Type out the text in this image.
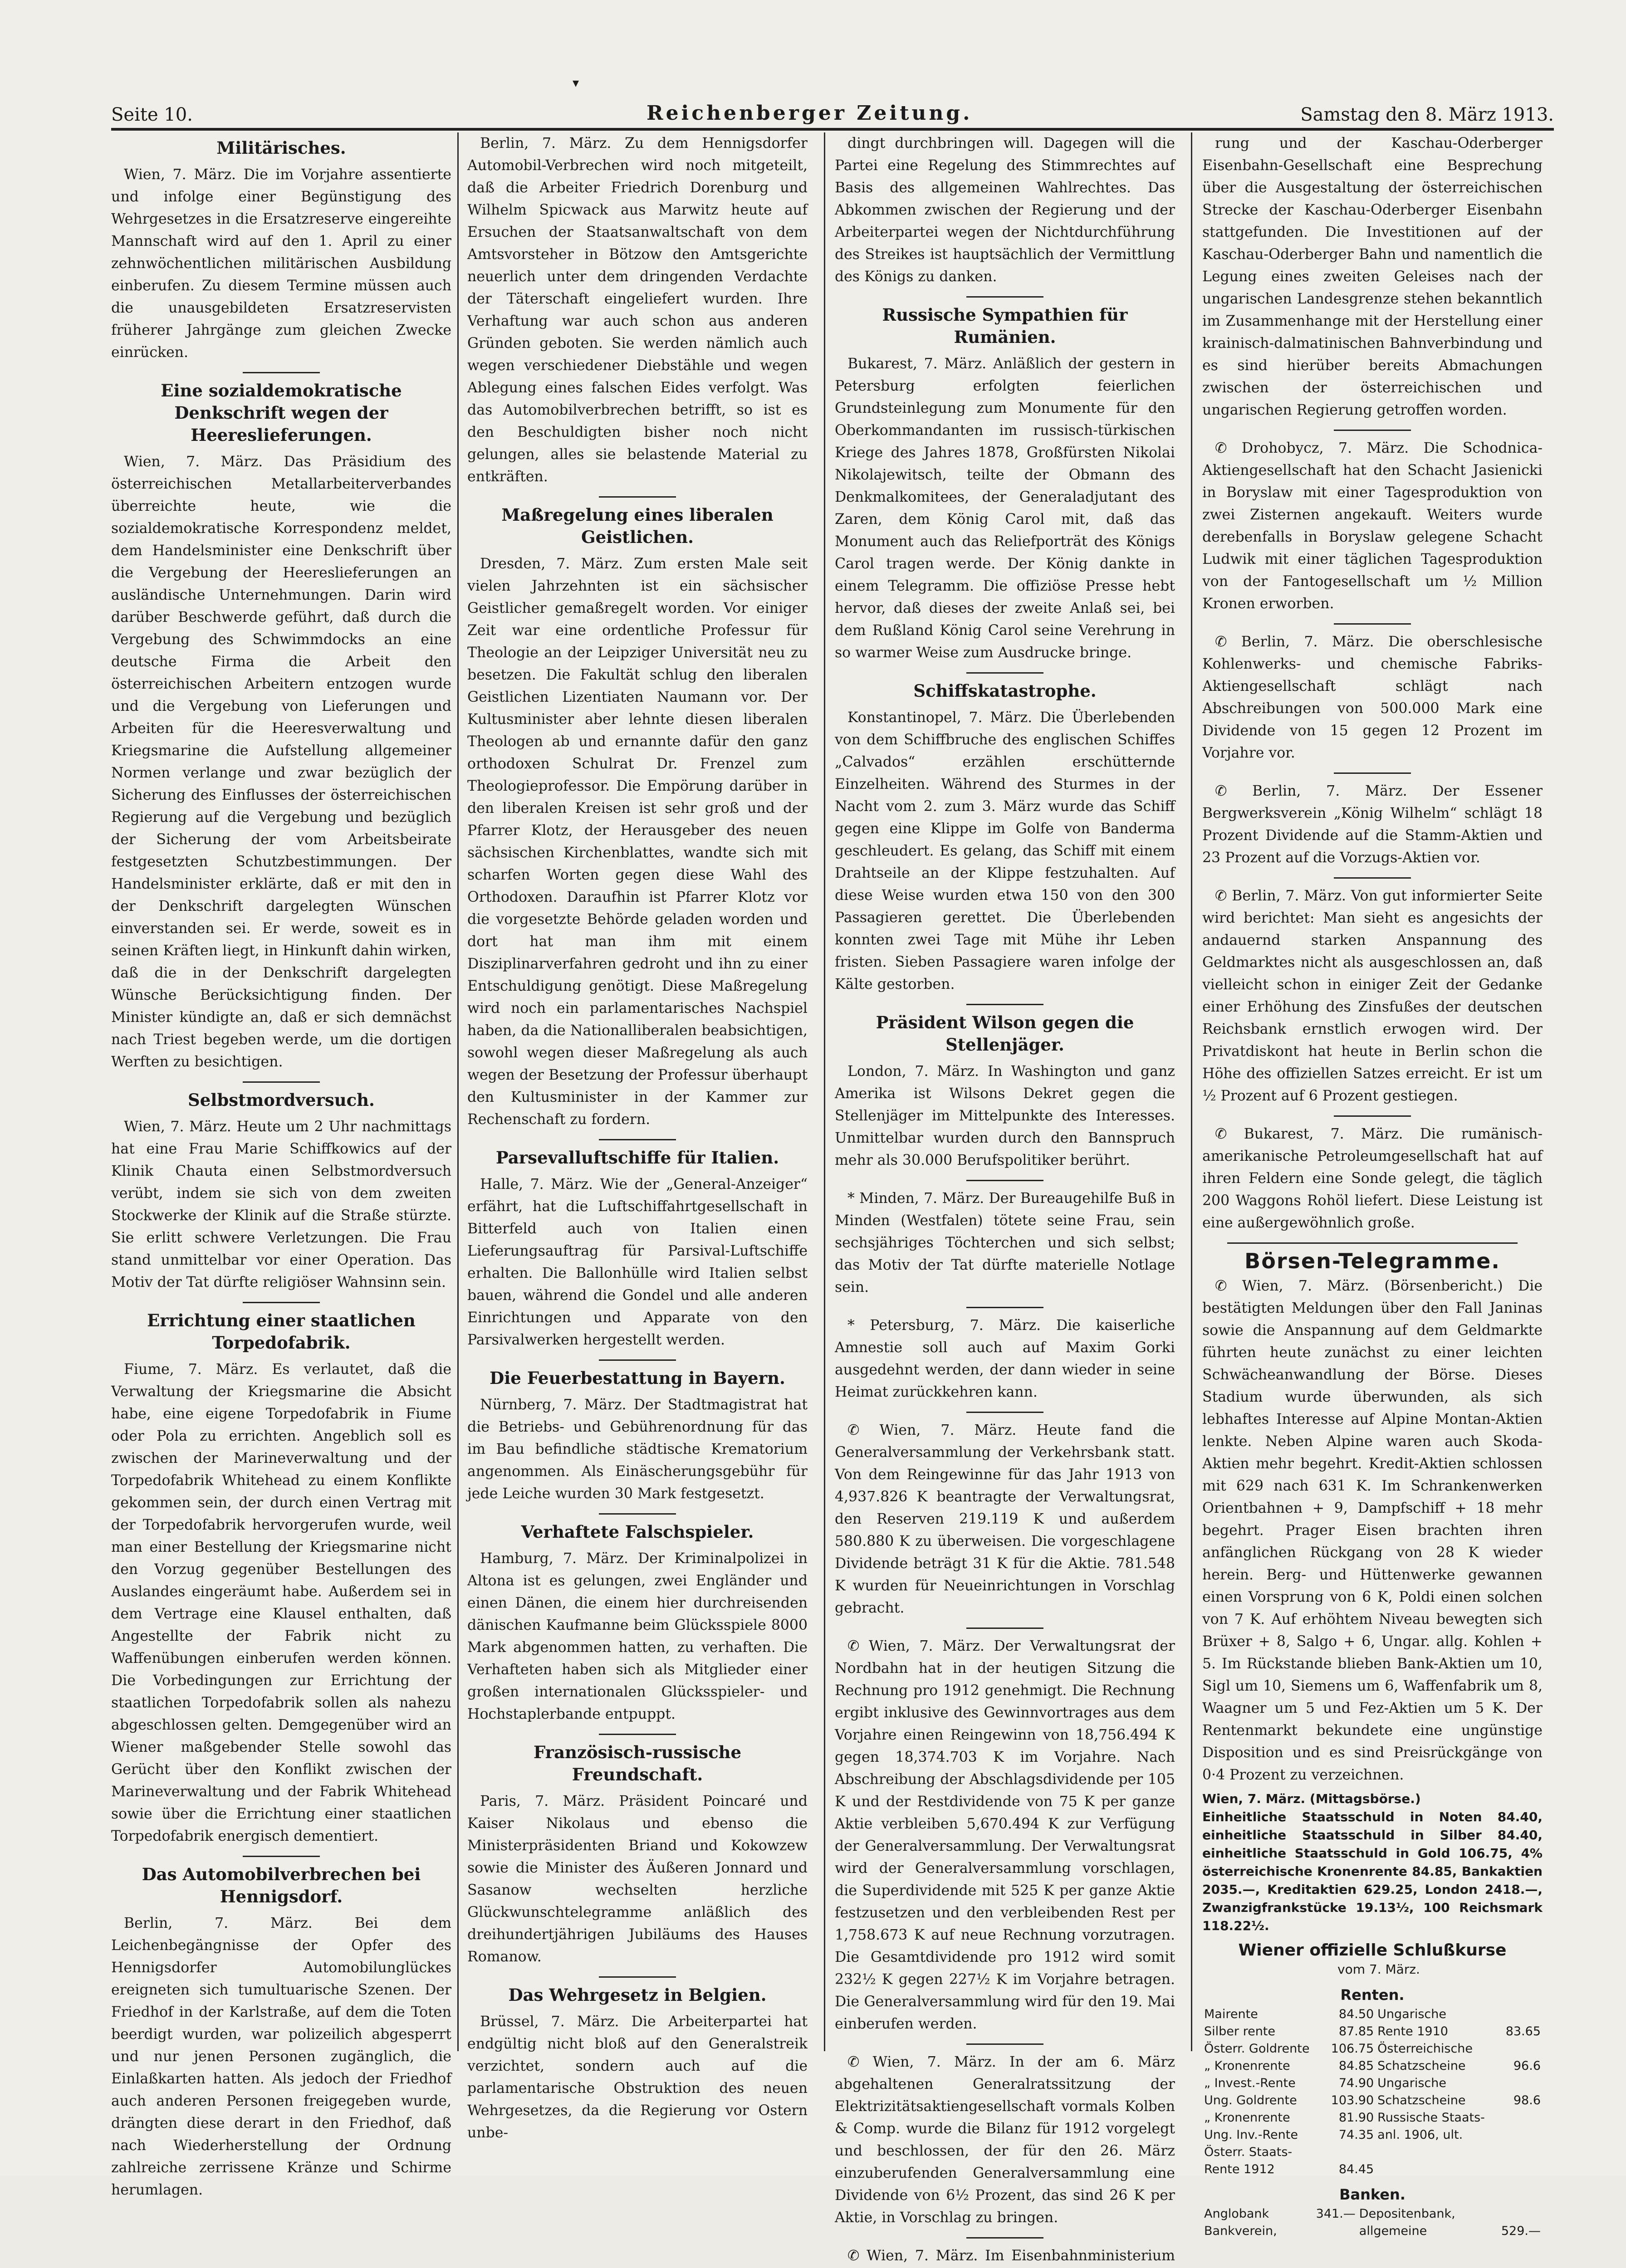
▾
Seite 10.	Reichenberger Zeitung.	Samstag den 8. März 1913.
Militärisches.

Wien, 7. März. Die im Vorjahre assentierte und infolge einer Begünstigung des Wehrgesetzes in die Ersatzreserve eingereihte Mannschaft wird auf den 1. April zu einer zehnwöchentlichen militärischen Ausbildung einberufen. Zu diesem Termine müssen auch die unausgebildeten Ersatzreservisten früherer Jahrgänge zum gleichen Zwecke einrücken.

Eine sozialdemokratische Denkschrift wegen der Heereslieferungen.

Wien, 7. März. Das Präsidium des österreichischen Metallarbeiterverbandes überreichte heute, wie die sozialdemokratische Korrespondenz meldet, dem Handelsminister eine Denkschrift über die Vergebung der Heereslieferungen an ausländische Unternehmungen. Darin wird darüber Beschwerde geführt, daß durch die Vergebung des Schwimmdocks an eine deutsche Firma die Arbeit den österreichischen Arbeitern entzogen wurde und die Vergebung von Lieferungen und Arbeiten für die Heeresverwaltung und Kriegsmarine die Aufstellung allgemeiner Normen verlange und zwar bezüglich der Sicherung des Einflusses der österreichischen Regierung auf die Vergebung und bezüglich der Sicherung der vom Arbeitsbeirate festgesetzten Schutzbestimmungen. Der Handelsminister erklärte, daß er mit den in der Denkschrift dargelegten Wünschen einverstanden sei. Er werde, soweit es in seinen Kräften liegt, in Hinkunft dahin wirken, daß die in der Denkschrift dargelegten Wünsche Berücksichtigung finden. Der Minister kündigte an, daß er sich demnächst nach Triest begeben werde, um die dortigen Werften zu besichtigen.

Selbstmordversuch.

Wien, 7. März. Heute um 2 Uhr nachmittags hat eine Frau Marie Schiffkowics auf der Klinik Chauta einen Selbstmordversuch verübt, indem sie sich von dem zweiten Stockwerke der Klinik auf die Straße stürzte. Sie erlitt schwere Verletzungen. Die Frau stand unmittelbar vor einer Operation. Das Motiv der Tat dürfte religiöser Wahnsinn sein.

Errichtung einer staatlichen Torpedofabrik.

Fiume, 7. März. Es verlautet, daß die Verwaltung der Kriegsmarine die Absicht habe, eine eigene Torpedofabrik in Fiume oder Pola zu errichten. Angeblich soll es zwischen der Marineverwaltung und der Torpedofabrik Whitehead zu einem Konflikte gekommen sein, der durch einen Vertrag mit der Torpedofabrik hervorgerufen wurde, weil man einer Bestellung der Kriegsmarine nicht den Vorzug gegenüber Bestellungen des Auslandes eingeräumt habe. Außerdem sei in dem Vertrage eine Klausel enthalten, daß Angestellte der Fabrik nicht zu Waffenübungen einberufen werden können. Die Vorbedingungen zur Errichtung der staatlichen Torpedofabrik sollen als nahezu abgeschlossen gelten. Demgegenüber wird an Wiener maßgebender Stelle sowohl das Gerücht über den Konflikt zwischen der Marineverwaltung und der Fabrik Whitehead sowie über die Errichtung einer staatlichen Torpedofabrik energisch dementiert.

Das Automobilverbrechen bei Hennigsdorf.

Berlin, 7. März. Bei dem Leichenbegängnisse der Opfer des Hennigsdorfer Automobilunglückes ereigneten sich tumultuarische Szenen. Der Friedhof in der Karlstraße, auf dem die Toten beerdigt wurden, war polizeilich abgesperrt und nur jenen Personen zugänglich, die Einlaßkarten hatten. Als jedoch der Friedhof auch anderen Personen freigegeben wurde, drängten diese derart in den Friedhof, daß nach Wiederherstellung der Ordnung zahlreiche zerrissene Kränze und Schirme herumlagen.

Berlin, 7. März. Zu dem Hennigsdorfer Automobil-Verbrechen wird noch mitgeteilt, daß die Arbeiter Friedrich Dorenburg und Wilhelm Spicwack aus Marwitz heute auf Ersuchen der Staatsanwaltschaft von dem Amtsvorsteher in Bötzow den Amtsgerichte neuerlich unter dem dringenden Verdachte der Täterschaft eingeliefert wurden. Ihre Verhaftung war auch schon aus anderen Gründen geboten. Sie werden nämlich auch wegen verschiedener Diebstähle und wegen Ablegung eines falschen Eides verfolgt. Was das Automobilverbrechen betrifft, so ist es den Beschuldigten bisher noch nicht gelungen, alles sie belastende Material zu entkräften.

Maßregelung eines liberalen Geistlichen.

Dresden, 7. März. Zum ersten Male seit vielen Jahrzehnten ist ein sächsischer Geistlicher gemaßregelt worden. Vor einiger Zeit war eine ordentliche Professur für Theologie an der Leipziger Universität neu zu besetzen. Die Fakultät schlug den liberalen Geistlichen Lizentiaten Naumann vor. Der Kultusminister aber lehnte diesen liberalen Theologen ab und ernannte dafür den ganz orthodoxen Schulrat Dr. Frenzel zum Theologieprofessor. Die Empörung darüber in den liberalen Kreisen ist sehr groß und der Pfarrer Klotz, der Herausgeber des neuen sächsischen Kirchenblattes, wandte sich mit scharfen Worten gegen diese Wahl des Orthodoxen. Daraufhin ist Pfarrer Klotz vor die vorgesetzte Behörde geladen worden und dort hat man ihm mit einem Disziplinarverfahren gedroht und ihn zu einer Entschuldigung genötigt. Diese Maßregelung wird noch ein parlamentarisches Nachspiel haben, da die Nationalliberalen beabsichtigen, sowohl wegen dieser Maßregelung als auch wegen der Besetzung der Professur überhaupt den Kultusminister in der Kammer zur Rechenschaft zu fordern.

Parsevalluftschiffe für Italien.

Halle, 7. März. Wie der „General-Anzeiger“ erfährt, hat die Luftschiffahrtgesellschaft in Bitterfeld auch von Italien einen Lieferungsauftrag für Parsival-Luftschiffe erhalten. Die Ballonhülle wird Italien selbst bauen, während die Gondel und alle anderen Einrichtungen und Apparate von den Parsivalwerken hergestellt werden.

Die Feuerbestattung in Bayern.

Nürnberg, 7. März. Der Stadtmagistrat hat die Betriebs- und Gebührenordnung für das im Bau befindliche städtische Krematorium angenommen. Als Einäscherungsgebühr für jede Leiche wurden 30 Mark festgesetzt.

Verhaftete Falschspieler.

Hamburg, 7. März. Der Kriminalpolizei in Altona ist es gelungen, zwei Engländer und einen Dänen, die einem hier durchreisenden dänischen Kaufmanne beim Glücksspiele 8000 Mark abgenommen hatten, zu verhaften. Die Verhafteten haben sich als Mitglieder einer großen internationalen Glücksspieler- und Hochstaplerbande entpuppt.

Französisch-russische Freundschaft.

Paris, 7. März. Präsident Poincaré und Kaiser Nikolaus und ebenso die Ministerpräsidenten Briand und Kokowzew sowie die Minister des Äußeren Jonnard und Sasanow wechselten herzliche Glückwunschtelegramme anläßlich des dreihundertjährigen Jubiläums des Hauses Romanow.

Das Wehrgesetz in Belgien.

Brüssel, 7. März. Die Arbeiterpartei hat endgültig nicht bloß auf den Generalstreik verzichtet, sondern auch auf die parlamentarische Obstruktion des neuen Wehrgesetzes, da die Regierung vor Ostern unbe-

dingt durchbringen will. Dagegen will die Partei eine Regelung des Stimmrechtes auf Basis des allgemeinen Wahlrechtes. Das Abkommen zwischen der Regierung und der Arbeiterpartei wegen der Nichtdurchführung des Streikes ist hauptsächlich der Vermittlung des Königs zu danken.

Russische Sympathien für Rumänien.

Bukarest, 7. März. Anläßlich der gestern in Petersburg erfolgten feierlichen Grundsteinlegung zum Monumente für den Oberkommandanten im russisch-türkischen Kriege des Jahres 1878, Großfürsten Nikolai Nikolajewitsch, teilte der Obmann des Denkmalkomitees, der Generaladjutant des Zaren, dem König Carol mit, daß das Monument auch das Reliefporträt des Königs Carol tragen werde. Der König dankte in einem Telegramm. Die offiziöse Presse hebt hervor, daß dieses der zweite Anlaß sei, bei dem Rußland König Carol seine Verehrung in so warmer Weise zum Ausdrucke bringe.

Schiffskatastrophe.

Konstantinopel, 7. März. Die Überlebenden von dem Schiffbruche des englischen Schiffes „Calvados“ erzählen erschütternde Einzelheiten. Während des Sturmes in der Nacht vom 2. zum 3. März wurde das Schiff gegen eine Klippe im Golfe von Banderma geschleudert. Es gelang, das Schiff mit einem Drahtseile an der Klippe festzuhalten. Auf diese Weise wurden etwa 150 von den 300 Passagieren gerettet. Die Überlebenden konnten zwei Tage mit Mühe ihr Leben fristen. Sieben Passagiere waren infolge der Kälte gestorben.

Präsident Wilson gegen die Stellenjäger.

London, 7. März. In Washington und ganz Amerika ist Wilsons Dekret gegen die Stellenjäger im Mittelpunkte des Interesses. Unmittelbar wurden durch den Bannspruch mehr als 30.000 Berufspolitiker berührt.

* Minden, 7. März. Der Bureaugehilfe Buß in Minden (Westfalen) tötete seine Frau, sein sechsjähriges Töchterchen und sich selbst; das Motiv der Tat dürfte materielle Notlage sein.

* Petersburg, 7. März. Die kaiserliche Amnestie soll auch auf Maxim Gorki ausgedehnt werden, der dann wieder in seine Heimat zurückkehren kann.

✆ Wien, 7. März. Heute fand die Generalversammlung der Verkehrsbank statt. Von dem Reingewinne für das Jahr 1913 von 4,937.826 K beantragte der Verwaltungsrat, den Reserven 219.119 K und außerdem 580.880 K zu überweisen. Die vorgeschlagene Dividende beträgt 31 K für die Aktie. 781.548 K wurden für Neueinrichtungen in Vorschlag gebracht.

✆ Wien, 7. März. Der Verwaltungsrat der Nordbahn hat in der heutigen Sitzung die Rechnung pro 1912 genehmigt. Die Rechnung ergibt inklusive des Gewinnvortrages aus dem Vorjahre einen Reingewinn von 18,756.494 K gegen 18,374.703 K im Vorjahre. Nach Abschreibung der Abschlagsdividende per 105 K und der Restdividende von 75 K per ganze Aktie verbleiben 5,670.494 K zur Verfügung der Generalversammlung. Der Verwaltungsrat wird der Generalversammlung vorschlagen, die Superdividende mit 525 K per ganze Aktie festzusetzen und den verbleibenden Rest per 1,758.673 K auf neue Rechnung vorzutragen. Die Gesamtdividende pro 1912 wird somit 232½ K gegen 227½ K im Vorjahre betragen. Die Generalversammlung wird für den 19. Mai einberufen werden.

✆ Wien, 7. März. In der am 6. März abgehaltenen Generalratssitzung der Elektrizitätsaktiengesellschaft vormals Kolben & Comp. wurde die Bilanz für 1912 vorgelegt und beschlossen, der für den 26. März einzuberufenden Generalversammlung eine Dividende von 6½ Prozent, das sind 26 K per Aktie, in Vorschlag zu bringen.

✆ Wien, 7. März. Im Eisenbahnministerium

rung und der Kaschau-Oderberger Eisenbahn-Gesellschaft eine Besprechung über die Ausgestaltung der österreichischen Strecke der Kaschau-Oderberger Eisenbahn stattgefunden. Die Investitionen auf der Kaschau-Oderberger Bahn und namentlich die Legung eines zweiten Geleises nach der ungarischen Landesgrenze stehen bekanntlich im Zusammenhange mit der Herstellung einer krainisch-dalmatinischen Bahnverbindung und es sind hierüber bereits Abmachungen zwischen der österreichischen und ungarischen Regierung getroffen worden.

✆ Drohobycz, 7. März. Die Schodnica-Aktiengesellschaft hat den Schacht Jasienicki in Boryslaw mit einer Tagesproduktion von zwei Zisternen angekauft. Weiters wurde derebenfalls in Boryslaw gelegene Schacht Ludwik mit einer täglichen Tagesproduktion von der Fantogesellschaft um ½ Million Kronen erworben.

✆ Berlin, 7. März. Die oberschlesische Kohlenwerks- und chemische Fabriks-Aktiengesellschaft schlägt nach Abschreibungen von 500.000 Mark eine Dividende von 15 gegen 12 Prozent im Vorjahre vor.

✆ Berlin, 7. März. Der Essener Bergwerksverein „König Wilhelm“ schlägt 18 Prozent Dividende auf die Stamm-Aktien und 23 Prozent auf die Vorzugs-Aktien vor.

✆ Berlin, 7. März. Von gut informierter Seite wird berichtet: Man sieht es angesichts der andauernd starken Anspannung des Geldmarktes nicht als ausgeschlossen an, daß vielleicht schon in einiger Zeit der Gedanke einer Erhöhung des Zinsfußes der deutschen Reichsbank ernstlich erwogen wird. Der Privatdiskont hat heute in Berlin schon die Höhe des offiziellen Satzes erreicht. Er ist um ½ Prozent auf 6 Prozent gestiegen.

✆ Bukarest, 7. März. Die rumänisch-amerikanische Petroleumgesellschaft hat auf ihren Feldern eine Sonde gelegt, die täglich 200 Waggons Rohöl liefert. Diese Leistung ist eine außergewöhnlich große.

Börsen-Telegramme.

✆ Wien, 7. März. (Börsenbericht.) Die bestätigten Meldungen über den Fall Janinas sowie die Anspannung auf dem Geldmarkte führten heute zunächst zu einer leichten Schwächeanwandlung der Börse. Dieses Stadium wurde überwunden, als sich lebhaftes Interesse auf Alpine Montan-Aktien lenkte. Neben Alpine waren auch Skoda-Aktien mehr begehrt. Kredit-Aktien schlossen mit 629 nach 631 K. Im Schrankenwerken Orientbahnen + 9, Dampfschiff + 18 mehr begehrt. Prager Eisen brachten ihren anfänglichen Rückgang von 28 K wieder herein. Berg- und Hüttenwerke gewannen einen Vorsprung von 6 K, Poldi einen solchen von 7 K. Auf erhöhtem Niveau bewegten sich Brüxer + 8, Salgo + 6, Ungar. allg. Kohlen + 5. Im Rückstande blieben Bank-Aktien um 10, Sigl um 10, Siemens um 6, Waffenfabrik um 8, Waagner um 5 und Fez-Aktien um 5 K. Der Rentenmarkt bekundete eine ungünstige Disposition und es sind Preisrückgänge von 0·4 Prozent zu verzeichnen.

Wien, 7. März. (Mittagsbörse.)
Einheitliche Staatsschuld in Noten 84.40, einheitliche Staatsschuld in Silber 84.40, einheitliche Staatsschuld in Gold 106.75, 4% österreichische Kronenrente 84.85, Bankaktien 2035.—, Kreditaktien 629.25, London 2418.—, Zwanzigfrankstücke 19.13½, 100 Reichsmark 118.22½.
Wiener offizielle Schlußkurse

vom 7. März.

Renten.
Mairente	84.50	Ungarische	
Silber rente	87.85	Rente 1910	83.65
Österr. Goldrente	106.75	Österreichische	
„ Kronenrente	84.85	Schatzscheine	96.6
„ Invest.-Rente	74.90	Ungarische	
Ung. Goldrente	103.90	Schatzscheine	98.6
„ Kronenrente	81.90	Russische Staats-	
Ung. Inv.-Rente	74.35	anl. 1906, ult.	
Österr. Staats-			
Rente 1912	84.45		
Banken.
Anglobank	341.—	Depositenbank,	
Bankverein,		allgemeine	529.—
